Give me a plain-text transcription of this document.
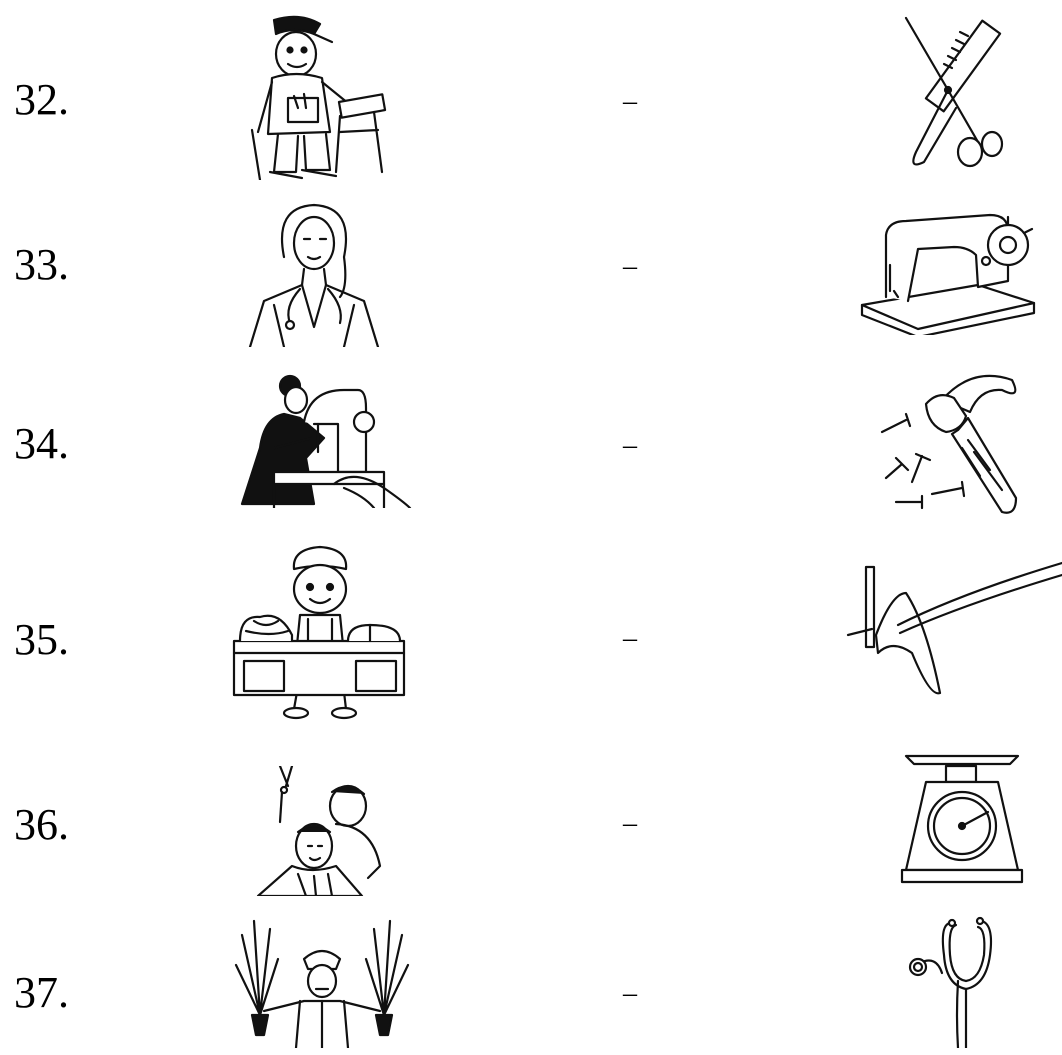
32.	–
33.	–
34.	–
35.	–
36.	–
37.	–
